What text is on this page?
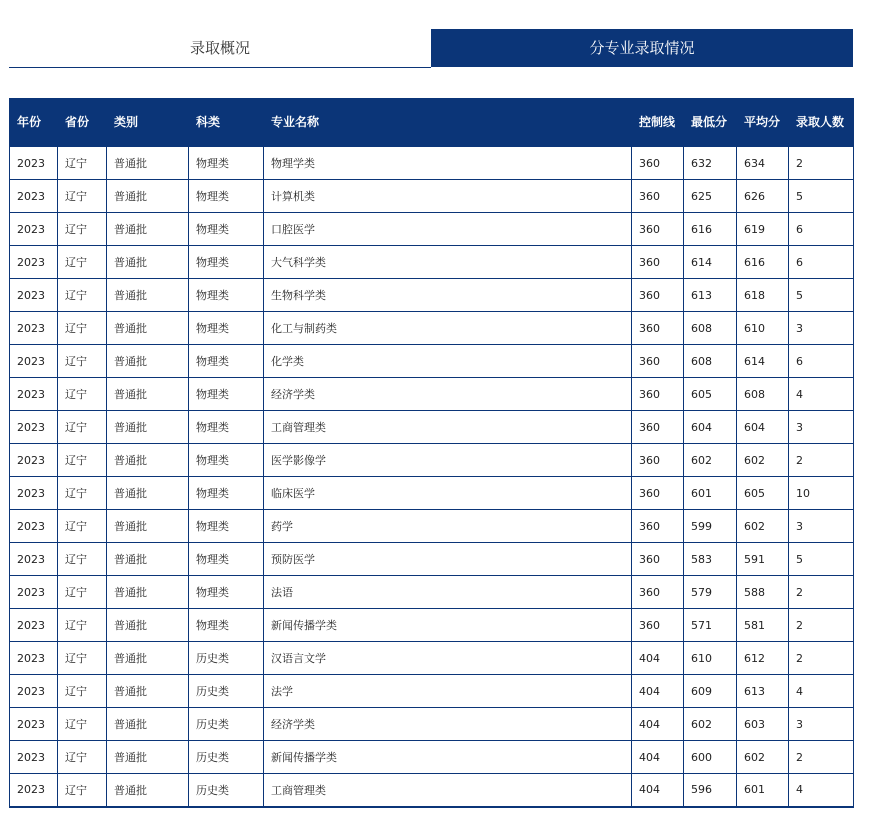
录取概况	分专业录取情况
年份	省份	类别	科类	专业名称	控制线	最低分	平均分	录取人数
2023	辽宁	普通批	物理类	物理学类	360	632	634	2
2023	辽宁	普通批	物理类	计算机类	360	625	626	5
2023	辽宁	普通批	物理类	口腔医学	360	616	619	6
2023	辽宁	普通批	物理类	大气科学类	360	614	616	6
2023	辽宁	普通批	物理类	生物科学类	360	613	618	5
2023	辽宁	普通批	物理类	化工与制药类	360	608	610	3
2023	辽宁	普通批	物理类	化学类	360	608	614	6
2023	辽宁	普通批	物理类	经济学类	360	605	608	4
2023	辽宁	普通批	物理类	工商管理类	360	604	604	3
2023	辽宁	普通批	物理类	医学影像学	360	602	602	2
2023	辽宁	普通批	物理类	临床医学	360	601	605	10
2023	辽宁	普通批	物理类	药学	360	599	602	3
2023	辽宁	普通批	物理类	预防医学	360	583	591	5
2023	辽宁	普通批	物理类	法语	360	579	588	2
2023	辽宁	普通批	物理类	新闻传播学类	360	571	581	2
2023	辽宁	普通批	历史类	汉语言文学	404	610	612	2
2023	辽宁	普通批	历史类	法学	404	609	613	4
2023	辽宁	普通批	历史类	经济学类	404	602	603	3
2023	辽宁	普通批	历史类	新闻传播学类	404	600	602	2
2023	辽宁	普通批	历史类	工商管理类	404	596	601	4
